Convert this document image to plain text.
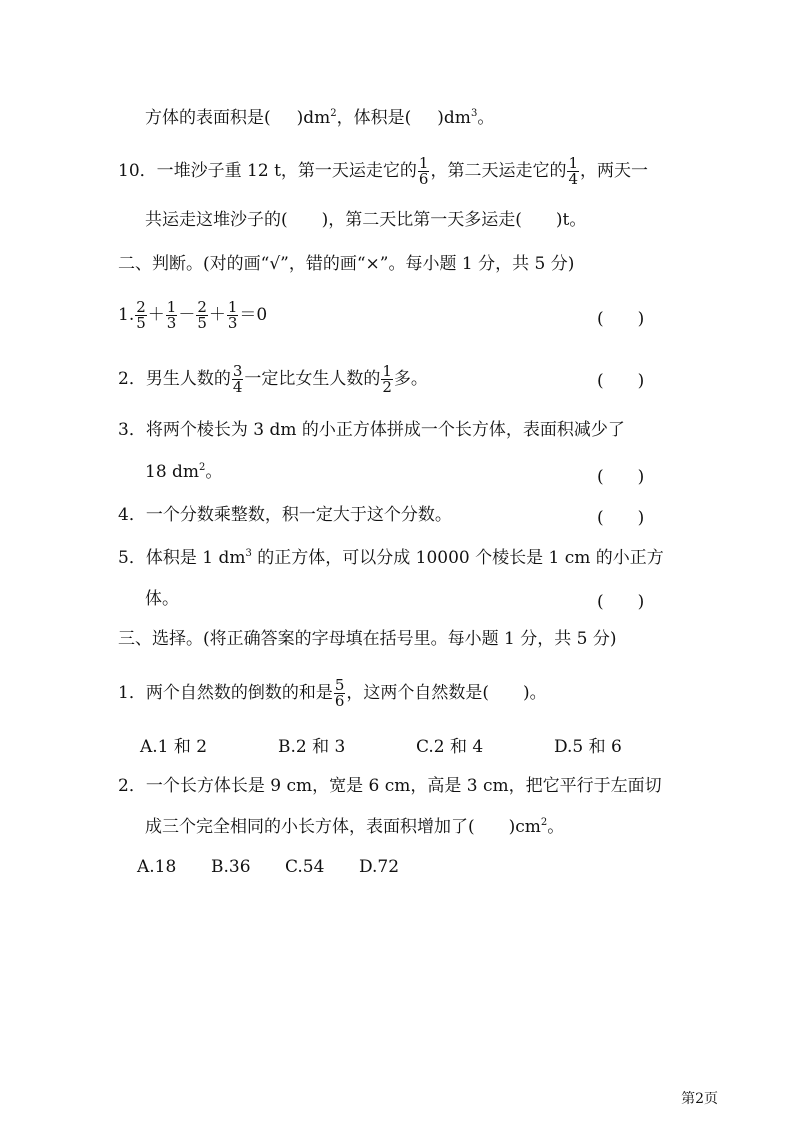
方体的表面积是( )$dm^2$，体积是( )$dm^3$。
10．一堆沙子重 12 t，第一天运走它的 $\frac{1}{6}$ ，第二天运走它的 $\frac{1}{4}$ ，两天一
共运走这堆沙子的(　　)，第二天比第一天多运走(　　)t。
二、判断。(对的画“√”，错的画“×”。每小题 1 分，共 5 分)
1. $\frac{2}{5} + \frac{1}{3} - \frac{2}{5} + \frac{1}{3} =0$	(　　)
2．男生人数的 $\frac{3}{4}$ 一定比女生人数的 $\frac{1}{2}$ 多。	(　　)
3．将两个棱长为 3 dm 的小正方体拼成一个长方体，表面积减少了
18 $dm^2$。	(　　)
4．一个分数乘整数，积一定大于这个分数。	(　　)
5．体积是 1 $dm^3$ 的正方体，可以分成 10000 个棱长是 1 cm 的小正方
体。	(　　)
三、选择。(将正确答案的字母填在括号里。每小题 1 分，共 5 分)
1．两个自然数的倒数的和是 $\frac{5}{6}$ ，这两个自然数是(　　)。
A.1 和 2	B.2 和 3	C.2 和 4	D.5 和 6
2．一个长方体长是 9 cm，宽是 6 cm，高是 3 cm，把它平行于左面切
成三个完全相同的小长方体，表面积增加了(　　)$cm^2$。
A.18 B.36 C.54 D.72
第2页
